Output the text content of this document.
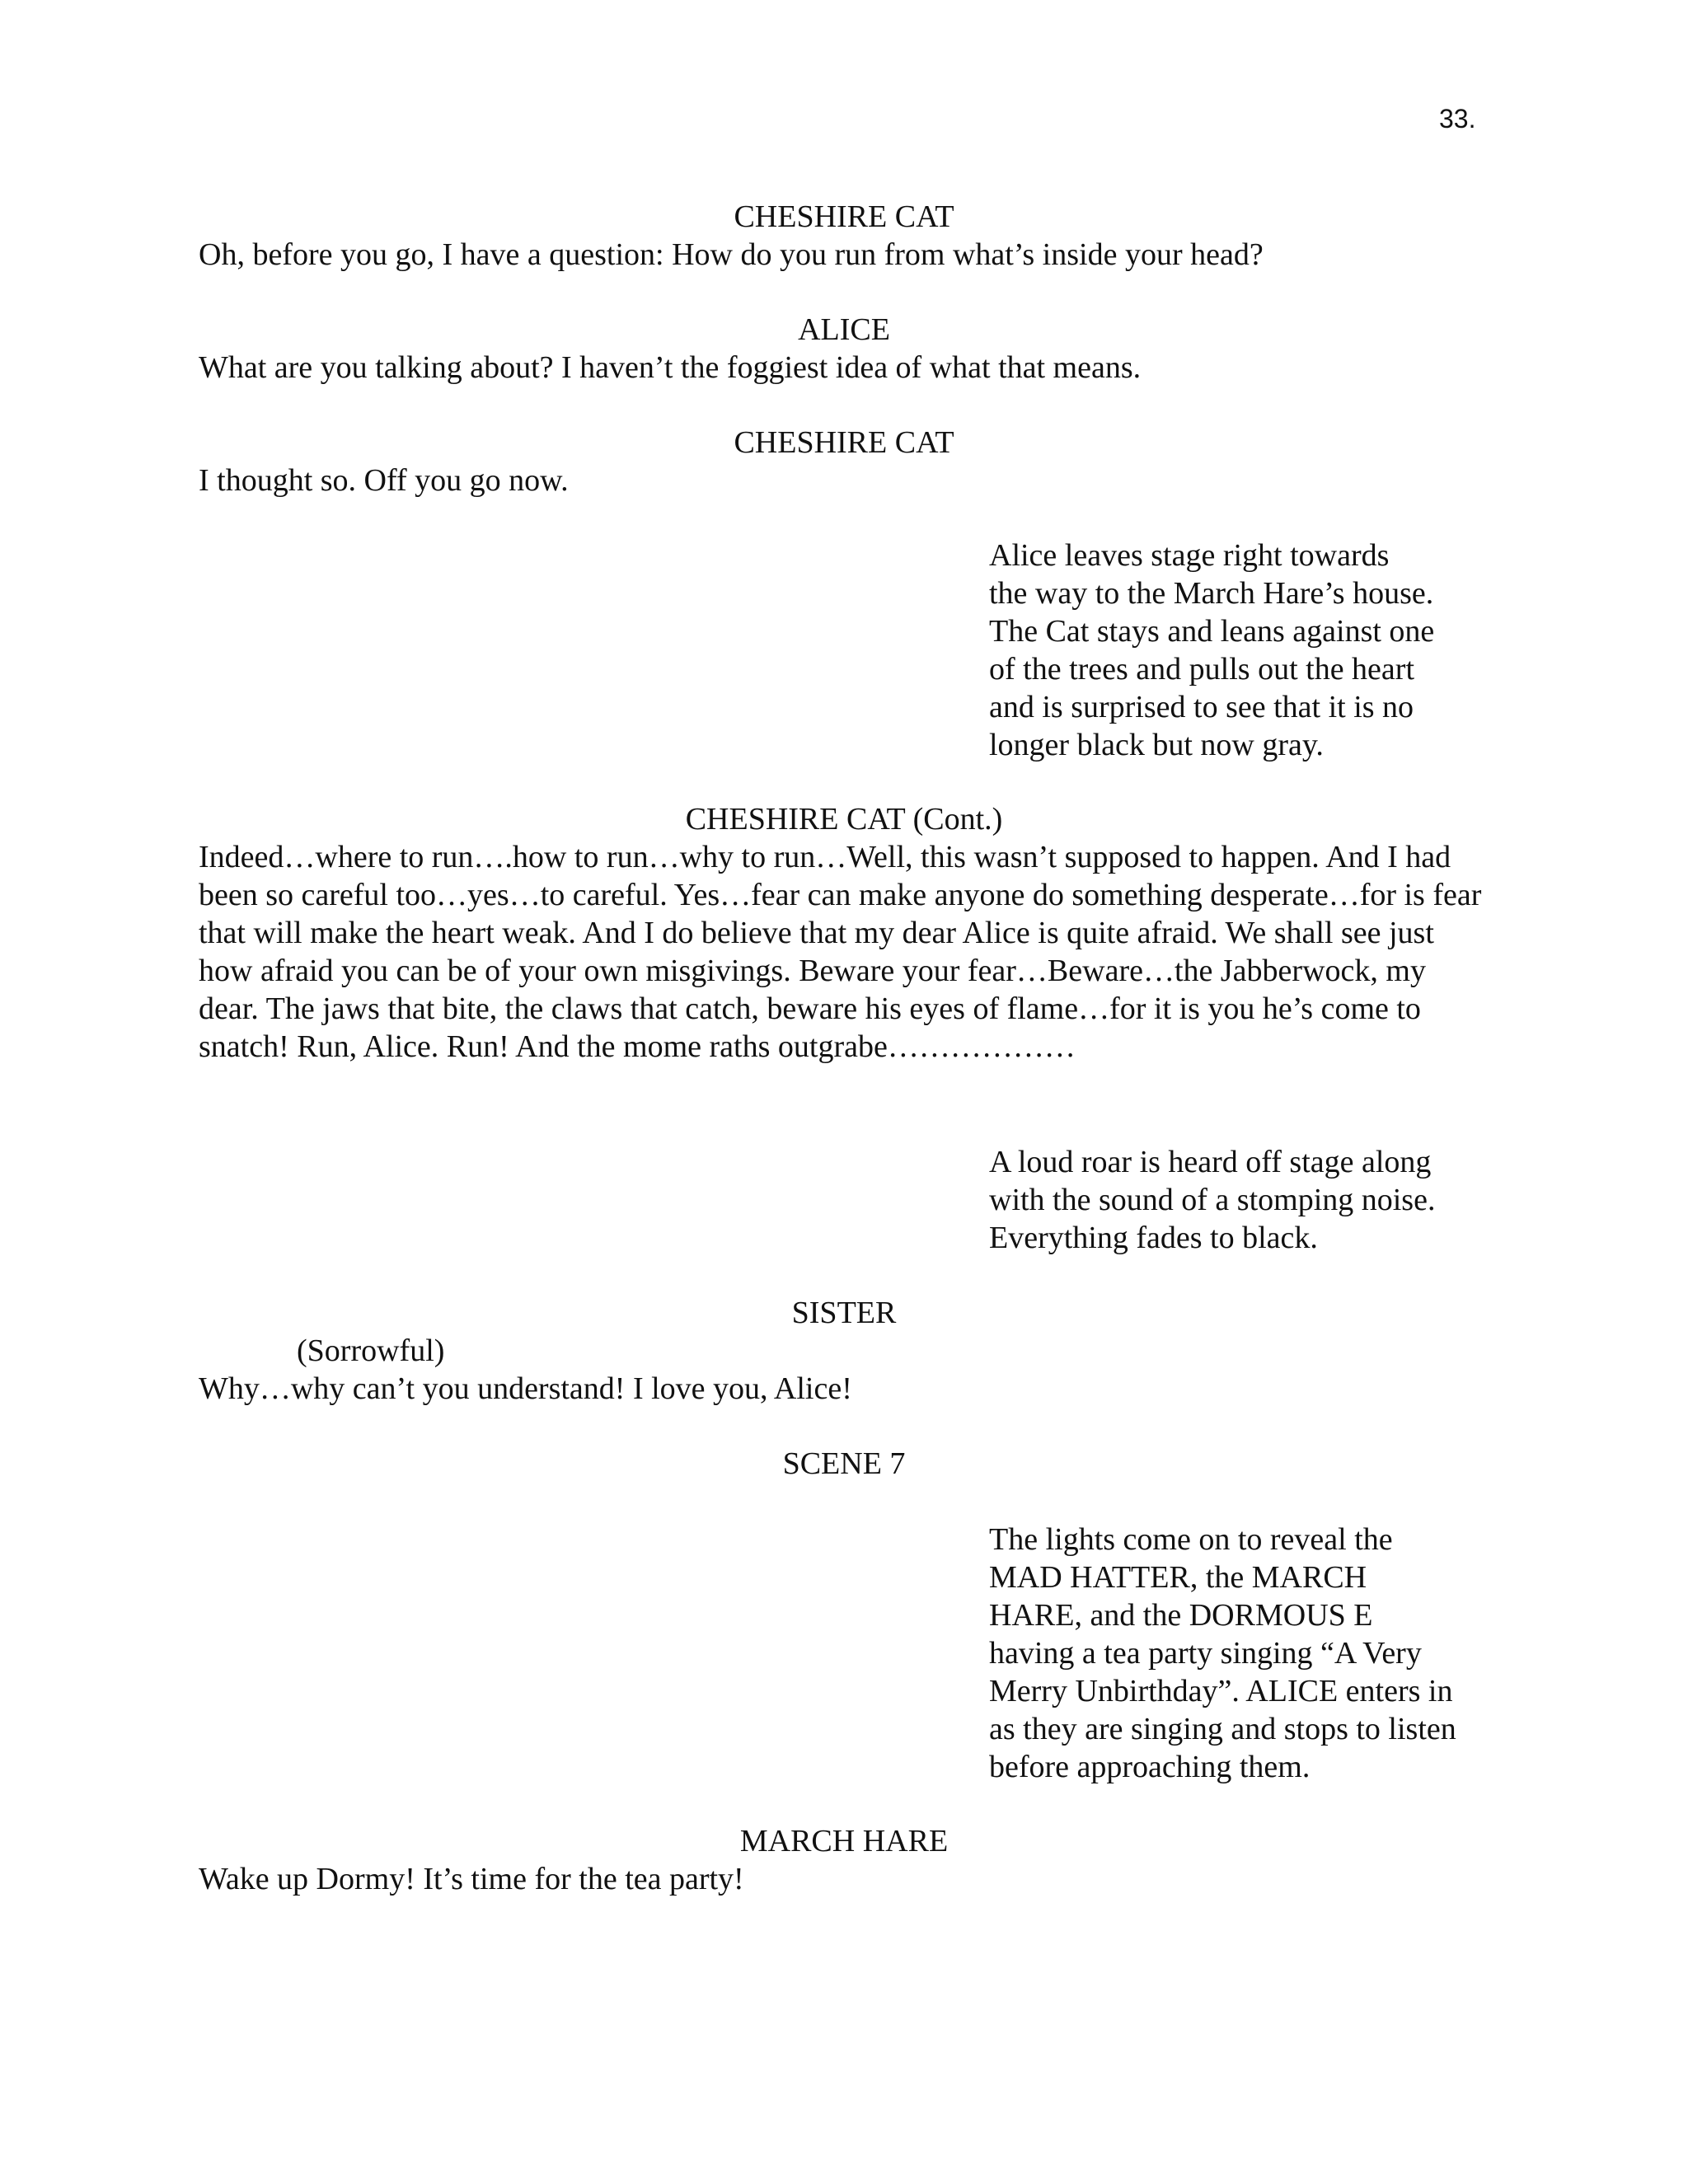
33.
CHESHIRE CAT

Oh, before you go, I have a question: How do you run from what’s inside your head?

ALICE

What are you talking about? I haven’t the foggiest idea of what that means.

CHESHIRE CAT

I thought so. Off you go now.

Alice leaves stage right towards
the way to the March Hare’s house.
The Cat stays and leans against one
of the trees and pulls out the heart
and is surprised to see that it is no
longer black but now gray.
CHESHIRE CAT (Cont.)

Indeed…where to run….how to run…why to run…Well, this wasn’t supposed to happen. And I had been so careful too…yes…to careful. Yes…fear can make anyone do something desperate…for is fear that will make the heart weak. And I do believe that my dear Alice is quite afraid. We shall see just how afraid you can be of your own misgivings. Beware your fear…Beware…the Jabberwock, my dear. The jaws that bite, the claws that catch, beware his eyes of flame…for it is you he’s come to snatch! Run, Alice. Run! And the mome raths outgrabe………………

A loud roar is heard off stage along
with the sound of a stomping noise.
Everything fades to black.
SISTER
(Sorrowful)

Why…why can’t you understand! I love you, Alice!

SCENE 7
The lights come on to reveal the
MAD HATTER, the MARCH
HARE, and the DORMOUS E
having a tea party singing “A Very
Merry Unbirthday”. ALICE enters in
as they are singing and stops to listen
before approaching them.
MARCH HARE

Wake up Dormy! It’s time for the tea party!
